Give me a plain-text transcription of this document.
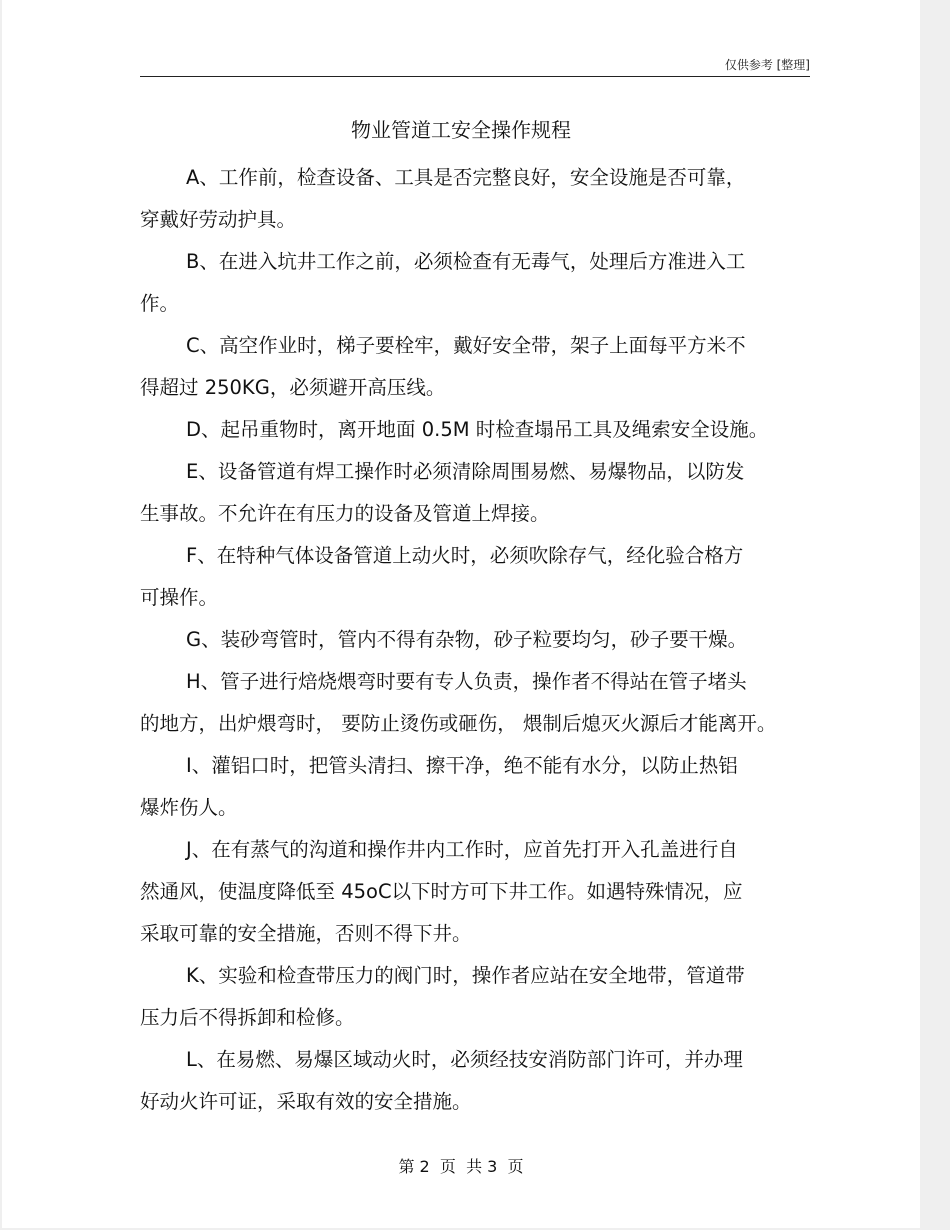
仅供参考 [整理]
物业管道工安全操作规程

A、工作前，检查设备、工具是否完整良好，安全设施是否可靠，
穿戴好劳动护具。

B、在进入坑井工作之前，必须检查有无毒气，处理后方准进入工
作。

C、高空作业时，梯子要栓牢，戴好安全带，架子上面每平方米不
得超过 250KG，必须避开高压线。

D、起吊重物时，离开地面 0.5M 时检查塌吊工具及绳索安全设施。

E、设备管道有焊工操作时必须清除周围易燃、易爆物品，以防发
生事故。不允许在有压力的设备及管道上焊接。

F、在特种气体设备管道上动火时，必须吹除存气，经化验合格方
可操作。

G、装砂弯管时，管内不得有杂物，砂子粒要均匀，砂子要干燥。

H、管子进行焙烧煨弯时要有专人负责，操作者不得站在管子堵头
的地方，出炉煨弯时， 要防止烫伤或砸伤， 煨制后熄灭火源后才能离开。

I、灌铝口时，把管头清扫、擦干净，绝不能有水分，以防止热铝
爆炸伤人。

J、在有蒸气的沟道和操作井内工作时，应首先打开入孔盖进行自
然通风，使温度降低至 45oC以下时方可下井工作。如遇特殊情况，应
采取可靠的安全措施，否则不得下井。

K、实验和检查带压力的阀门时，操作者应站在安全地带，管道带
压力后不得拆卸和检修。

L、在易燃、易爆区域动火时，必须经技安消防部门许可，并办理
好动火许可证，采取有效的安全措施。

第 2  页  共 3  页
